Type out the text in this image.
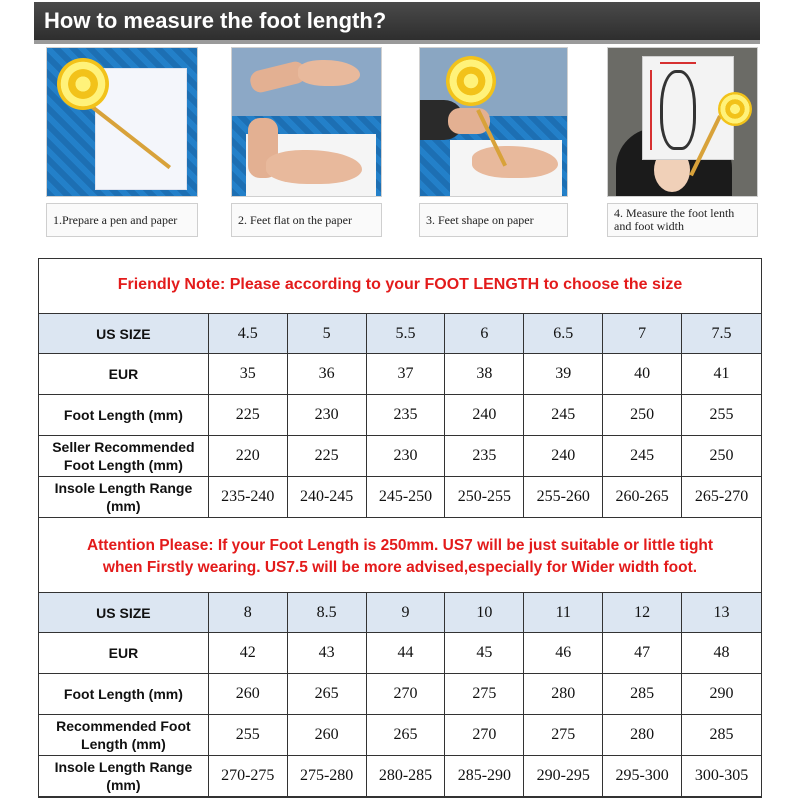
How to measure the foot length?
1.Prepare a pen and paper	2. Feet flat on the paper	3. Feet shape on paper	4. Measure the foot lenth and foot width
Friendly Note: Please according to your FOOT LENGTH to choose the size
US SIZE	4.5	5	5.5	6	6.5	7	7.5
EUR	35	36	37	38	39	40	41
Foot Length (mm)	225	230	235	240	245	250	255
Seller Recommended Foot Length (mm)	220	225	230	235	240	245	250
Insole Length Range (mm)	235-240	240-245	245-250	250-255	255-260	260-265	265-270
Attention Please: If your Foot Length is 250mm. US7 will be just suitable or little tight
when Firstly wearing. US7.5 will be more advised,especially for Wider width foot.
US SIZE	8	8.5	9	10	11	12	13
EUR	42	43	44	45	46	47	48
Foot Length (mm)	260	265	270	275	280	285	290
Recommended Foot Length (mm)	255	260	265	270	275	280	285
Insole Length Range (mm)	270-275	275-280	280-285	285-290	290-295	295-300	300-305
